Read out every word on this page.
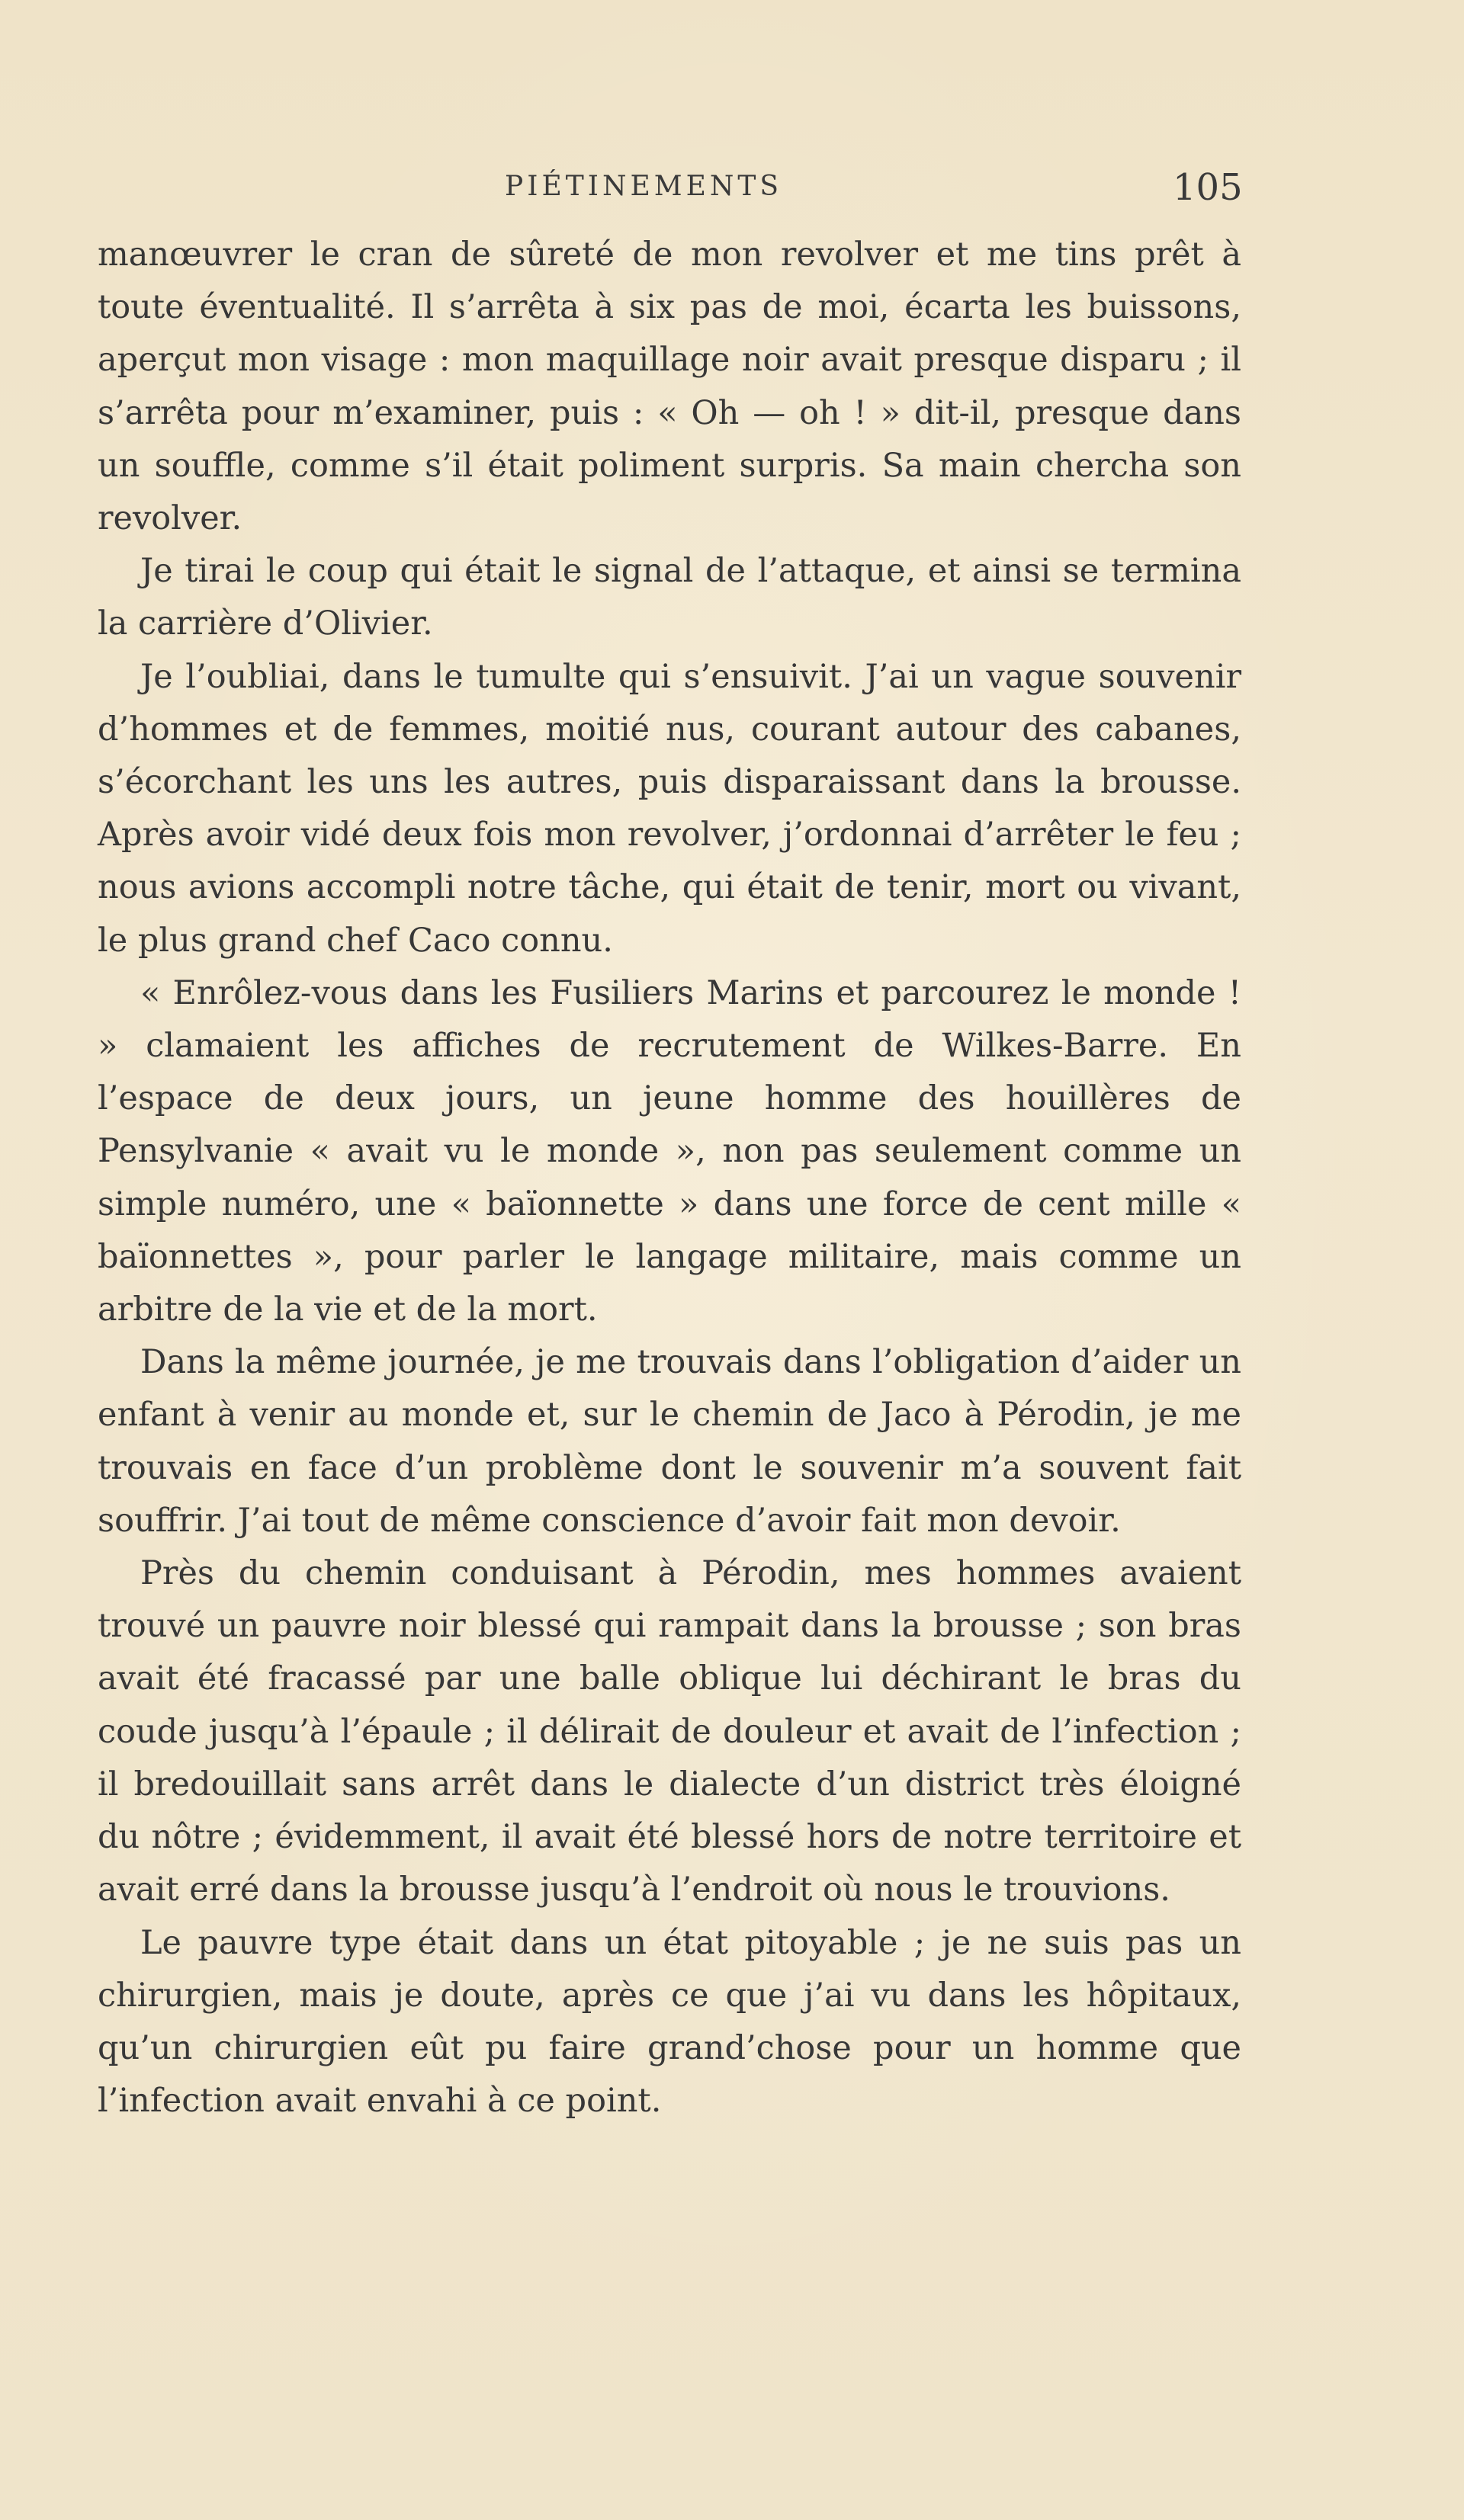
PIÉTINEMENTS	105

manœuvrer le cran de sûreté de mon revolver et me tins prêt à toute éventualité. Il s’arrêta à six pas de moi, écarta les buissons, aperçut mon visage : mon maquillage noir avait presque disparu ; il s’arrêta pour m’examiner, puis : « Oh — oh ! » dit-il, presque dans un souffle, comme s’il était poliment surpris. Sa main chercha son revolver.

Je tirai le coup qui était le signal de l’attaque, et ainsi se termina la carrière d’Olivier.

Je l’oubliai, dans le tumulte qui s’ensuivit. J’ai un vague souvenir d’hommes et de femmes, moitié nus, courant autour des cabanes, s’écorchant les uns les autres, puis disparaissant dans la brousse. Après avoir vidé deux fois mon revolver, j’ordonnai d’arrêter le feu ; nous avions accompli notre tâche, qui était de tenir, mort ou vivant, le plus grand chef Caco connu.

« Enrôlez-vous dans les Fusiliers Marins et parcourez le monde ! » clamaient les affiches de recrutement de Wilkes-Barre. En l’espace de deux jours, un jeune homme des houillères de Pensylvanie « avait vu le monde », non pas seulement comme un simple numéro, une « baïonnette » dans une force de cent mille « baïonnettes », pour parler le langage militaire, mais comme un arbitre de la vie et de la mort.

Dans la même journée, je me trouvais dans l’obligation d’aider un enfant à venir au monde et, sur le chemin de Jaco à Pérodin, je me trouvais en face d’un problème dont le souvenir m’a souvent fait souffrir. J’ai tout de même conscience d’avoir fait mon devoir.

Près du chemin conduisant à Pérodin, mes hommes avaient trouvé un pauvre noir blessé qui rampait dans la brousse ; son bras avait été fracassé par une balle oblique lui déchirant le bras du coude jusqu’à l’épaule ; il délirait de douleur et avait de l’infection ; il bredouillait sans arrêt dans le dialecte d’un district très éloigné du nôtre ; évidemment, il avait été blessé hors de notre territoire et avait erré dans la brousse jusqu’à l’endroit où nous le trouvions.

Le pauvre type était dans un état pitoyable ; je ne suis pas un chirurgien, mais je doute, après ce que j’ai vu dans les hôpitaux, qu’un chirurgien eût pu faire grand’chose pour un homme que l’infection avait envahi à ce point.
